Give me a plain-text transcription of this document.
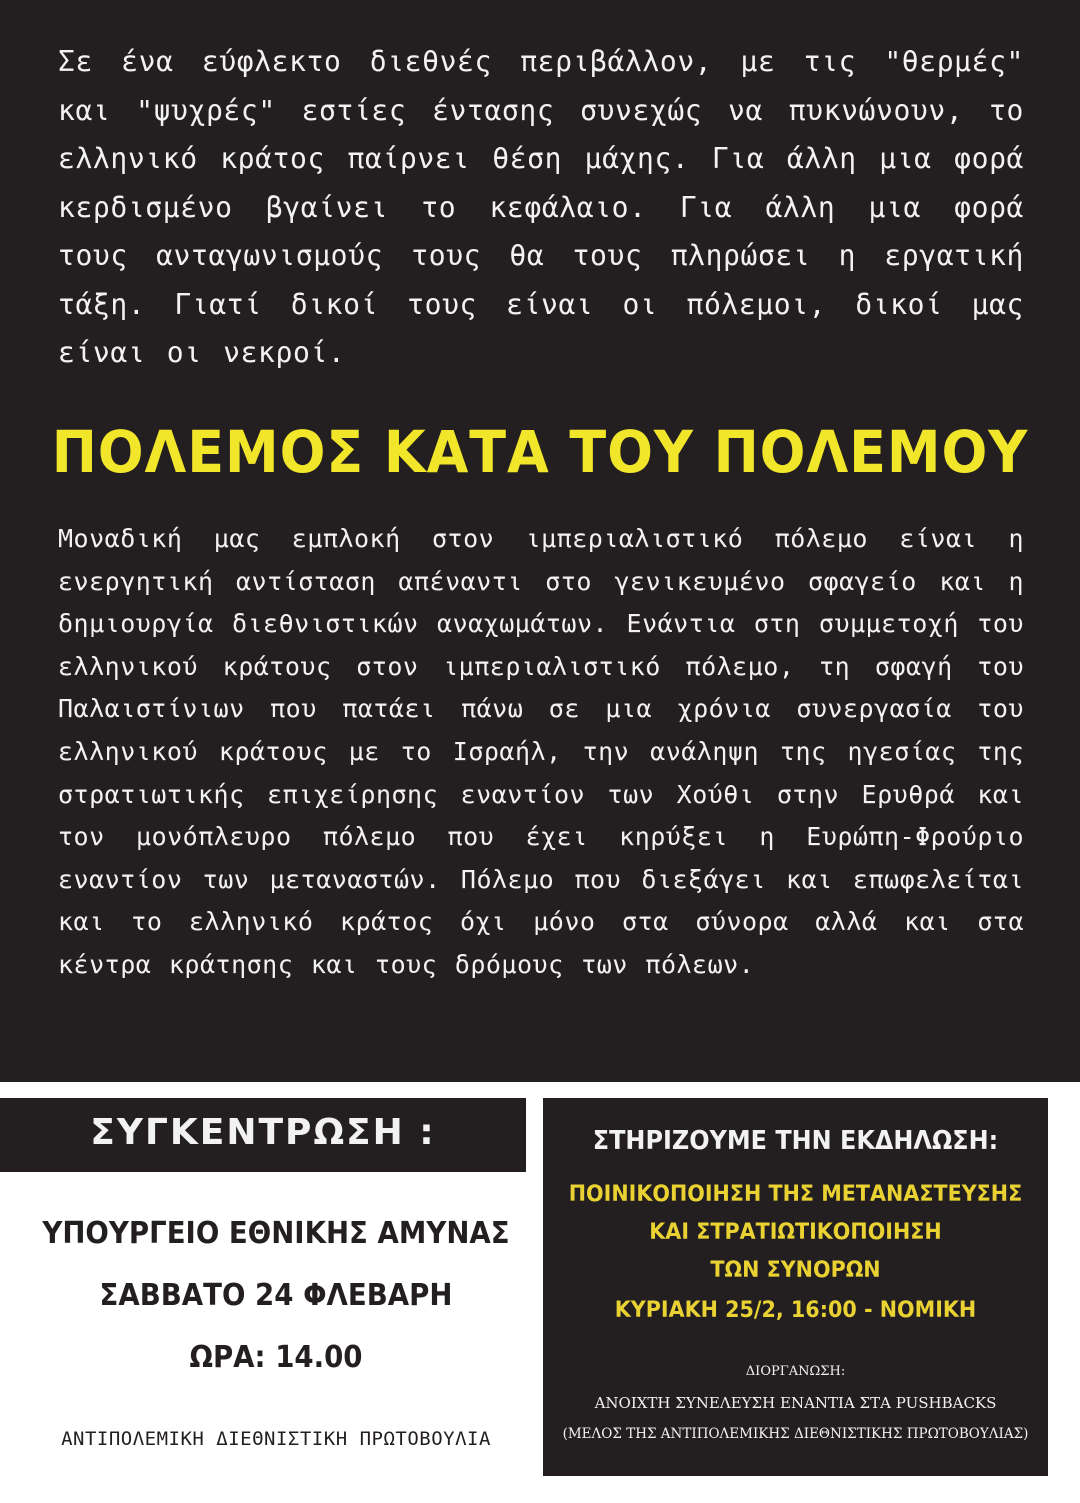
Σε ένα εύφλεκτο διεθνές περιβάλλον, με τις "θερμές" και "ψυχρές" εστίες έντασης συνεχώς να πυκνώνουν, το ελληνικό κράτος παίρνει θέση μάχης. Για άλλη μια φορά κερδισμένο βγαίνει το κεφάλαιο. Για άλλη μια φορά τους ανταγωνισμούς τους θα τους πληρώσει η εργατική τάξη. Γιατί δικοί τους είναι οι πόλεμοι, δικοί μας είναι οι νεκροί.

ΠΟΛΕΜΟΣ ΚΑΤΑ ΤΟΥ ΠΟΛΕΜΟΥ

Μοναδική μας εμπλοκή στον ιμπεριαλιστικό πόλεμο είναι η ενεργητική αντίσταση απέναντι στο γενικευμένο σφαγείο και η δημιουργία διεθνιστικών αναχωμάτων. Ενάντια στη συμμετοχή του ελληνικού κράτους στον ιμπεριαλιστικό πόλεμο, τη σφαγή του Παλαιστίνιων που πατάει πάνω σε μια χρόνια συνεργασία του ελληνικού κράτους με το Ισραήλ, την ανάληψη της ηγεσίας της στρατιωτικής επιχείρησης εναντίον των Χούθι στην Ερυθρά και τον μονόπλευρο πόλεμο που έχει κηρύξει η Ευρώπη-Φρούριο εναντίον των μεταναστών. Πόλεμο που διεξάγει και επωφελείται και το ελληνικό κράτος όχι μόνο στα σύνορα αλλά και στα κέντρα κράτησης και τους δρόμους των πόλεων.

ΣΥΓΚΕΝΤΡΩΣΗ :
ΥΠΟΥΡΓΕΙΟ ΕΘΝΙΚΗΣ ΑΜΥΝΑΣ
ΣΑΒΒΑΤΟ 24 ΦΛΕΒΑΡΗ
ΩΡΑ: 14.00
ΑΝΤΙΠΟΛΕΜΙΚΗ ΔΙΕΘΝΙΣΤΙΚΗ ΠΡΩΤΟΒΟΥΛΙΑ
ΣΤΗΡΙΖΟΥΜΕ ΤΗΝ ΕΚΔΗΛΩΣΗ:
ΠΟΙΝΙΚΟΠΟΙΗΣΗ ΤΗΣ ΜΕΤΑΝΑΣΤΕΥΣΗΣ
ΚΑΙ ΣΤΡΑΤΙΩΤΙΚΟΠΟΙΗΣΗ
ΤΩΝ ΣΥΝΟΡΩΝ
ΚΥΡΙΑΚΗ 25/2, 16:00 - ΝΟΜΙΚΗ
ΔΙΟΡΓΑΝΩΣΗ:
ΑΝΟΙΧΤΗ ΣΥΝΕΛΕΥΣΗ ΕΝΑΝΤΙΑ ΣΤΑ PUSHBACKS
(ΜΕΛΟΣ ΤΗΣ ΑΝΤΙΠΟΛΕΜΙΚΗΣ ΔΙΕΘΝΙΣΤΙΚΗΣ ΠΡΩΤΟΒΟΥΛΙΑΣ)
